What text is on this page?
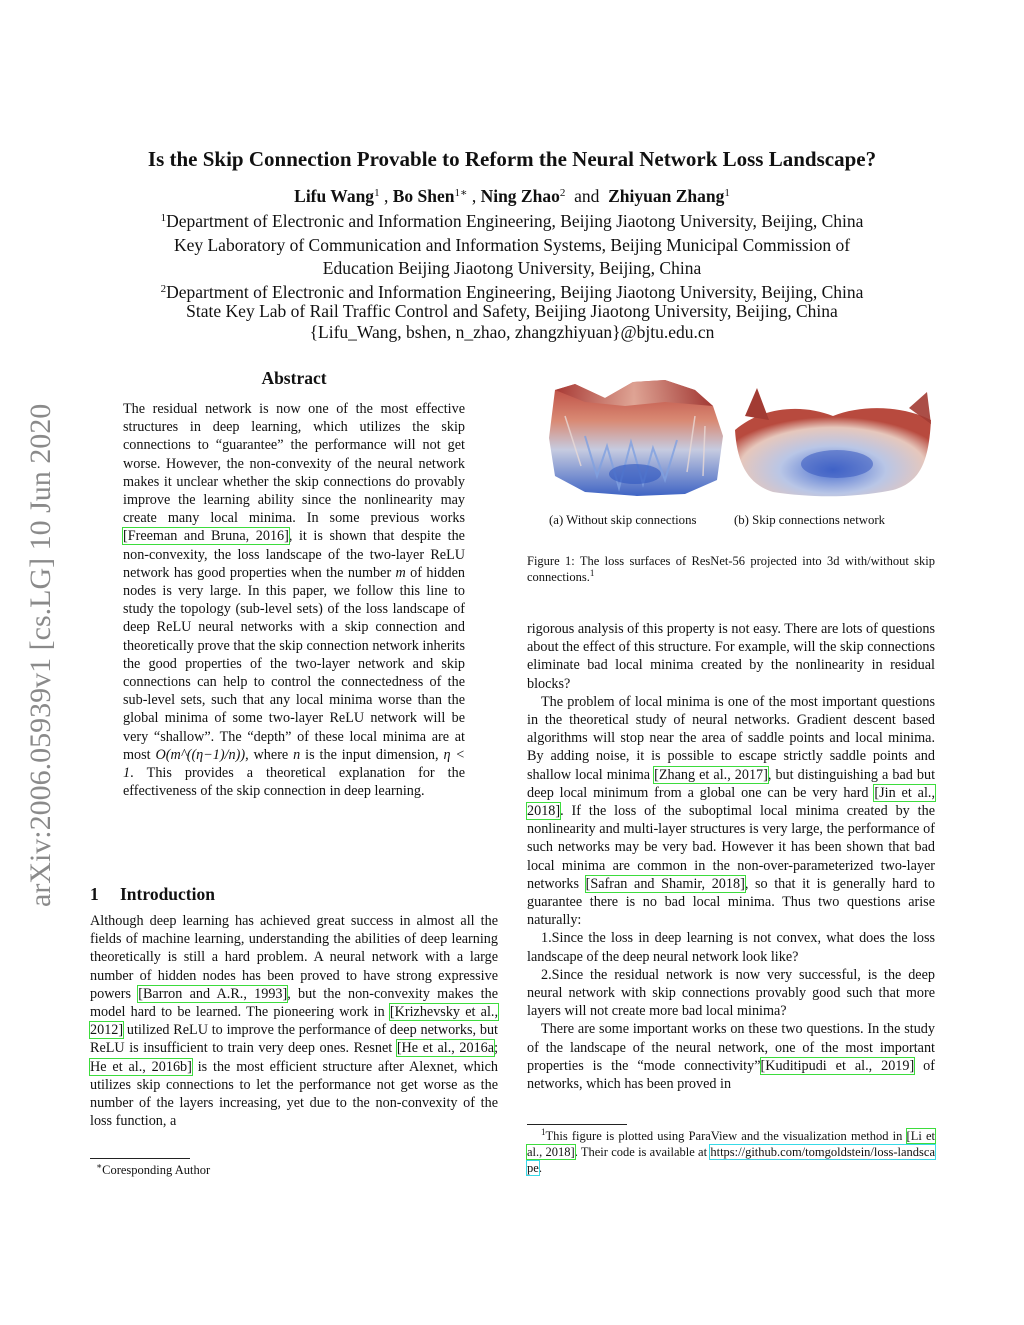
Is the Skip Connection Provable to Reform the Neural Network Loss Landscape?
Lifu Wang$^1$ , Bo Shen$^{1∗}$ , Ning Zhao$^2$ and Zhiyuan Zhang$^1$
$^1$Department of Electronic and Information Engineering, Beijing Jiaotong University, Beijing, China
Key Laboratory of Communication and Information Systems, Beijing Municipal Commission of
Education Beijing Jiaotong University, Beijing, China
$^2$Department of Electronic and Information Engineering, Beijing Jiaotong University, Beijing, China
State Key Lab of Rail Traffic Control and Safety, Beijing Jiaotong University, Beijing, China
{Lifu_Wang, bshen, n_zhao, zhangzhiyuan}@bjtu.edu.cn
arXiv:2006.05939v1 [cs.LG] 10 Jun 2020
Abstract
The residual network is now one of the most effective structures in deep learning, which utilizes the skip connections to “guarantee” the performance will not get worse. However, the non-convexity of the neural network makes it unclear whether the skip connections do provably improve the learning ability since the nonlinearity may create many local minima. In some previous works [Freeman and Bruna, 2016], it is shown that despite the non-convexity, the loss landscape of the two-layer ReLU network has good properties when the number m of hidden nodes is very large. In this paper, we follow this line to study the topology (sub-level sets) of the loss landscape of deep ReLU neural networks with a skip connection and theoretically prove that the skip connection network inherits the good properties of the two-layer network and skip connections can help to control the connectedness of the sub-level sets, such that any local minima worse than the global minima of some two-layer ReLU network will be very “shallow”. The “depth” of these local minima are at most O(m^((η−1)/n)), where n is the input dimension, η < 1. This provides a theoretical explanation for the effectiveness of the skip connection in deep learning.
1 Introduction
Although deep learning has achieved great success in almost all the fields of machine learning, understanding the abilities of deep learning theoretically is still a hard problem. A neural network with a large number of hidden nodes has been proved to have strong expressive powers [Barron and A.R., 1993], but the non-convexity makes the model hard to be learned. The pioneering work in [Krizhevsky et al., 2012] utilized ReLU to improve the performance of deep networks, but ReLU is insufficient to train very deep ones. Resnet [He et al., 2016a; He et al., 2016b] is the most efficient structure after Alexnet, which utilizes skip connections to let the performance not get worse as the number of the layers increasing, yet due to the non-convexity of the loss function, a
∗Coresponding Author
(a) Without skip connections	(b) Skip connections network
Figure 1: The loss surfaces of ResNet-56 projected into 3d with/without skip connections.$^1$

rigorous analysis of this property is not easy. There are lots of questions about the effect of this structure. For example, will the skip connections eliminate bad local minima created by the nonlinearity in residual blocks?

The problem of local minima is one of the most important questions in the theoretical study of neural networks. Gradient descent based algorithms will stop near the area of saddle points and local minima. By adding noise, it is possible to escape strictly saddle points and shallow local minima [Zhang et al., 2017], but distinguishing a bad but deep local minimum from a global one can be very hard [Jin et al., 2018]. If the loss of the suboptimal local minima created by the nonlinearity and multi-layer structures is very large, the performance of such networks may be very bad. However it has been shown that bad local minima are common in the non-over-parameterized two-layer networks [Safran and Shamir, 2018], so that it is generally hard to guarantee there is no bad local minima. Thus two questions arise naturally:

1.Since the loss in deep learning is not convex, what does the loss landscape of the deep neural network look like?

2.Since the residual network is now very successful, is the deep neural network with skip connections provably good such that more layers will not create more bad local minima?

There are some important works on these two questions. In the study of the landscape of the neural network, one of the most important properties is the “mode connectivity”[Kuditipudi et al., 2019] of networks, which has been proved in

$^1$This figure is plotted using ParaView and the visualization method in [Li et al., 2018]. Their code is available at https://github.com/tomgoldstein/loss-landscape.
